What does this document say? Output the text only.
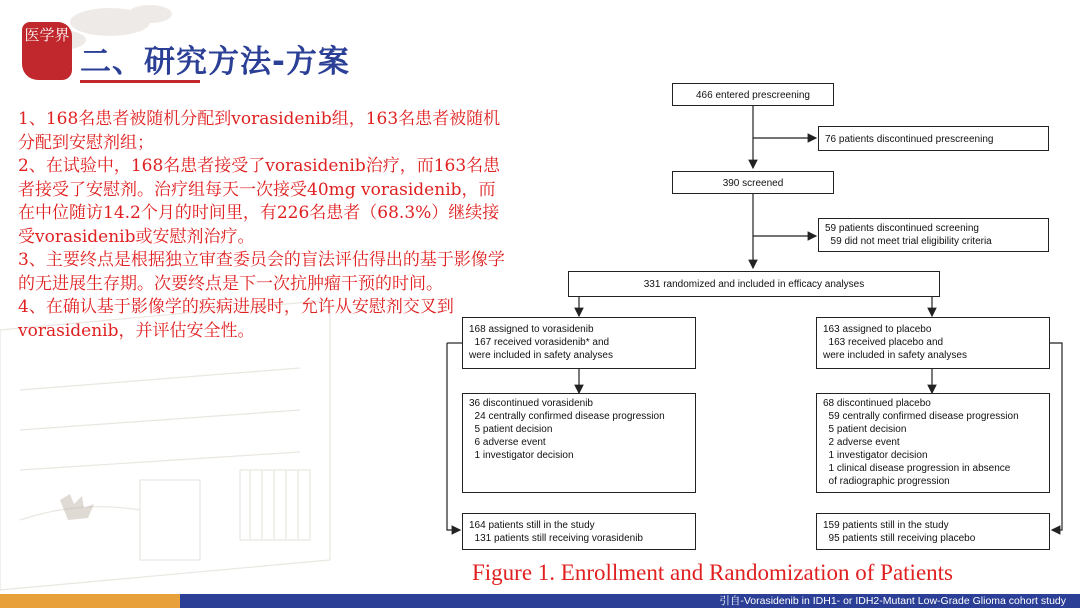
医学界
二、研究方法-方案

1、168名患者被随机分配到vorasidenib组，163名患者被随机分配到安慰剂组；

2、在试验中，168名患者接受了vorasidenib治疗，而163名患者接受了安慰剂。治疗组每天一次接受40mg vorasidenib，而在中位随访14.2个月的时间里，有226名患者（68.3%）继续接受vorasidenib或安慰剂治疗。

3、主要终点是根据独立审查委员会的盲法评估得出的基于影像学的无进展生存期。次要终点是下一次抗肿瘤干预的时间。

4、在确认基于影像学的疾病进展时，允许从安慰剂交叉到vorasidenib，并评估安全性。

466 entered prescreening
76 patients discontinued prescreening
390 screened
59 patients discontinued screening
59 did not meet trial eligibility criteria
331 randomized and included in efficacy analyses
168 assigned to vorasidenib
167 received vorasidenib* and
were included in safety analyses
163 assigned to placebo
163 received placebo and
were included in safety analyses
36 discontinued vorasidenib
24 centrally confirmed disease progression
5 patient decision
6 adverse event
1 investigator decision
68 discontinued placebo
59 centrally confirmed disease progression
5 patient decision
2 adverse event
1 investigator decision
1 clinical disease progression in absence
of radiographic progression
164 patients still in the study
131 patients still receiving vorasidenib
159 patients still in the study
95 patients still receiving placebo

Figure 1. Enrollment and Randomization of Patients

引自-Vorasidenib in IDH1- or IDH2-Mutant Low-Grade Glioma cohort study
